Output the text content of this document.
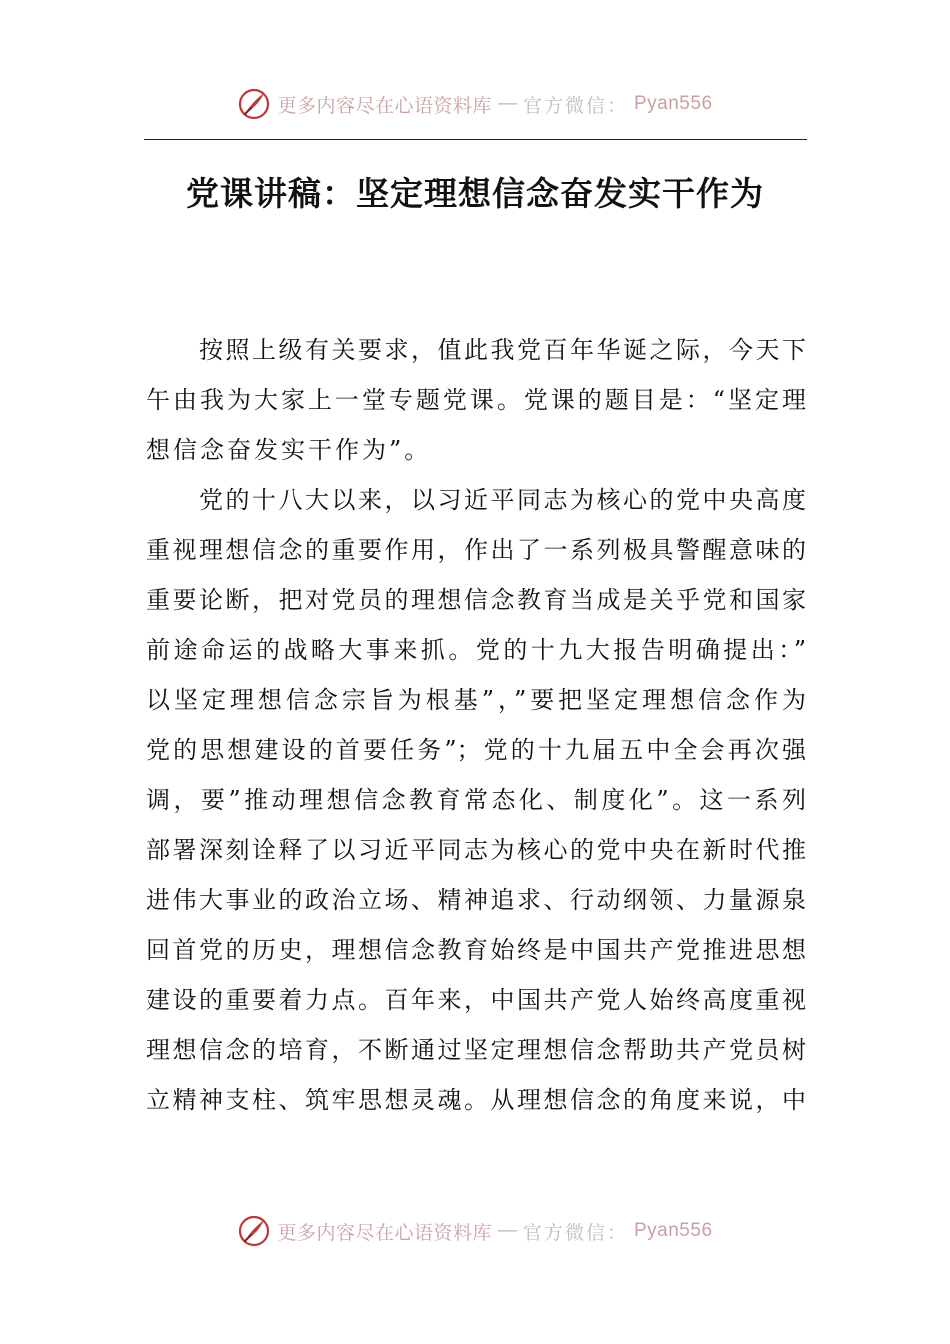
更多内容尽在心语资料库 — 官方微信： Pyan556
党课讲稿：坚定理想信念奋发实干作为
　　按照上级有关要求，值此我党百年华诞之际，今天下
午由我为大家上一堂专题党课。党课的题目是：“坚定理
想信念奋发实干作为”。
　　党的十八大以来，以习近平同志为核心的党中央高度
重视理想信念的重要作用，作出了一系列极具警醒意味的
重要论断，把对党员的理想信念教育当成是关乎党和国家
前途命运的战略大事来抓。党的十九大报告明确提出：”
以坚定理想信念宗旨为根基”，”要把坚定理想信念作为
党的思想建设的首要任务”；党的十九届五中全会再次强
调，要”推动理想信念教育常态化、制度化”。这一系列
部署深刻诠释了以习近平同志为核心的党中央在新时代推
进伟大事业的政治立场、精神追求、行动纲领、力量源泉
回首党的历史，理想信念教育始终是中国共产党推进思想
建设的重要着力点。百年来，中国共产党人始终高度重视
理想信念的培育，不断通过坚定理想信念帮助共产党员树
立精神支柱、筑牢思想灵魂。从理想信念的角度来说，中
更多内容尽在心语资料库 — 官方微信： Pyan556
